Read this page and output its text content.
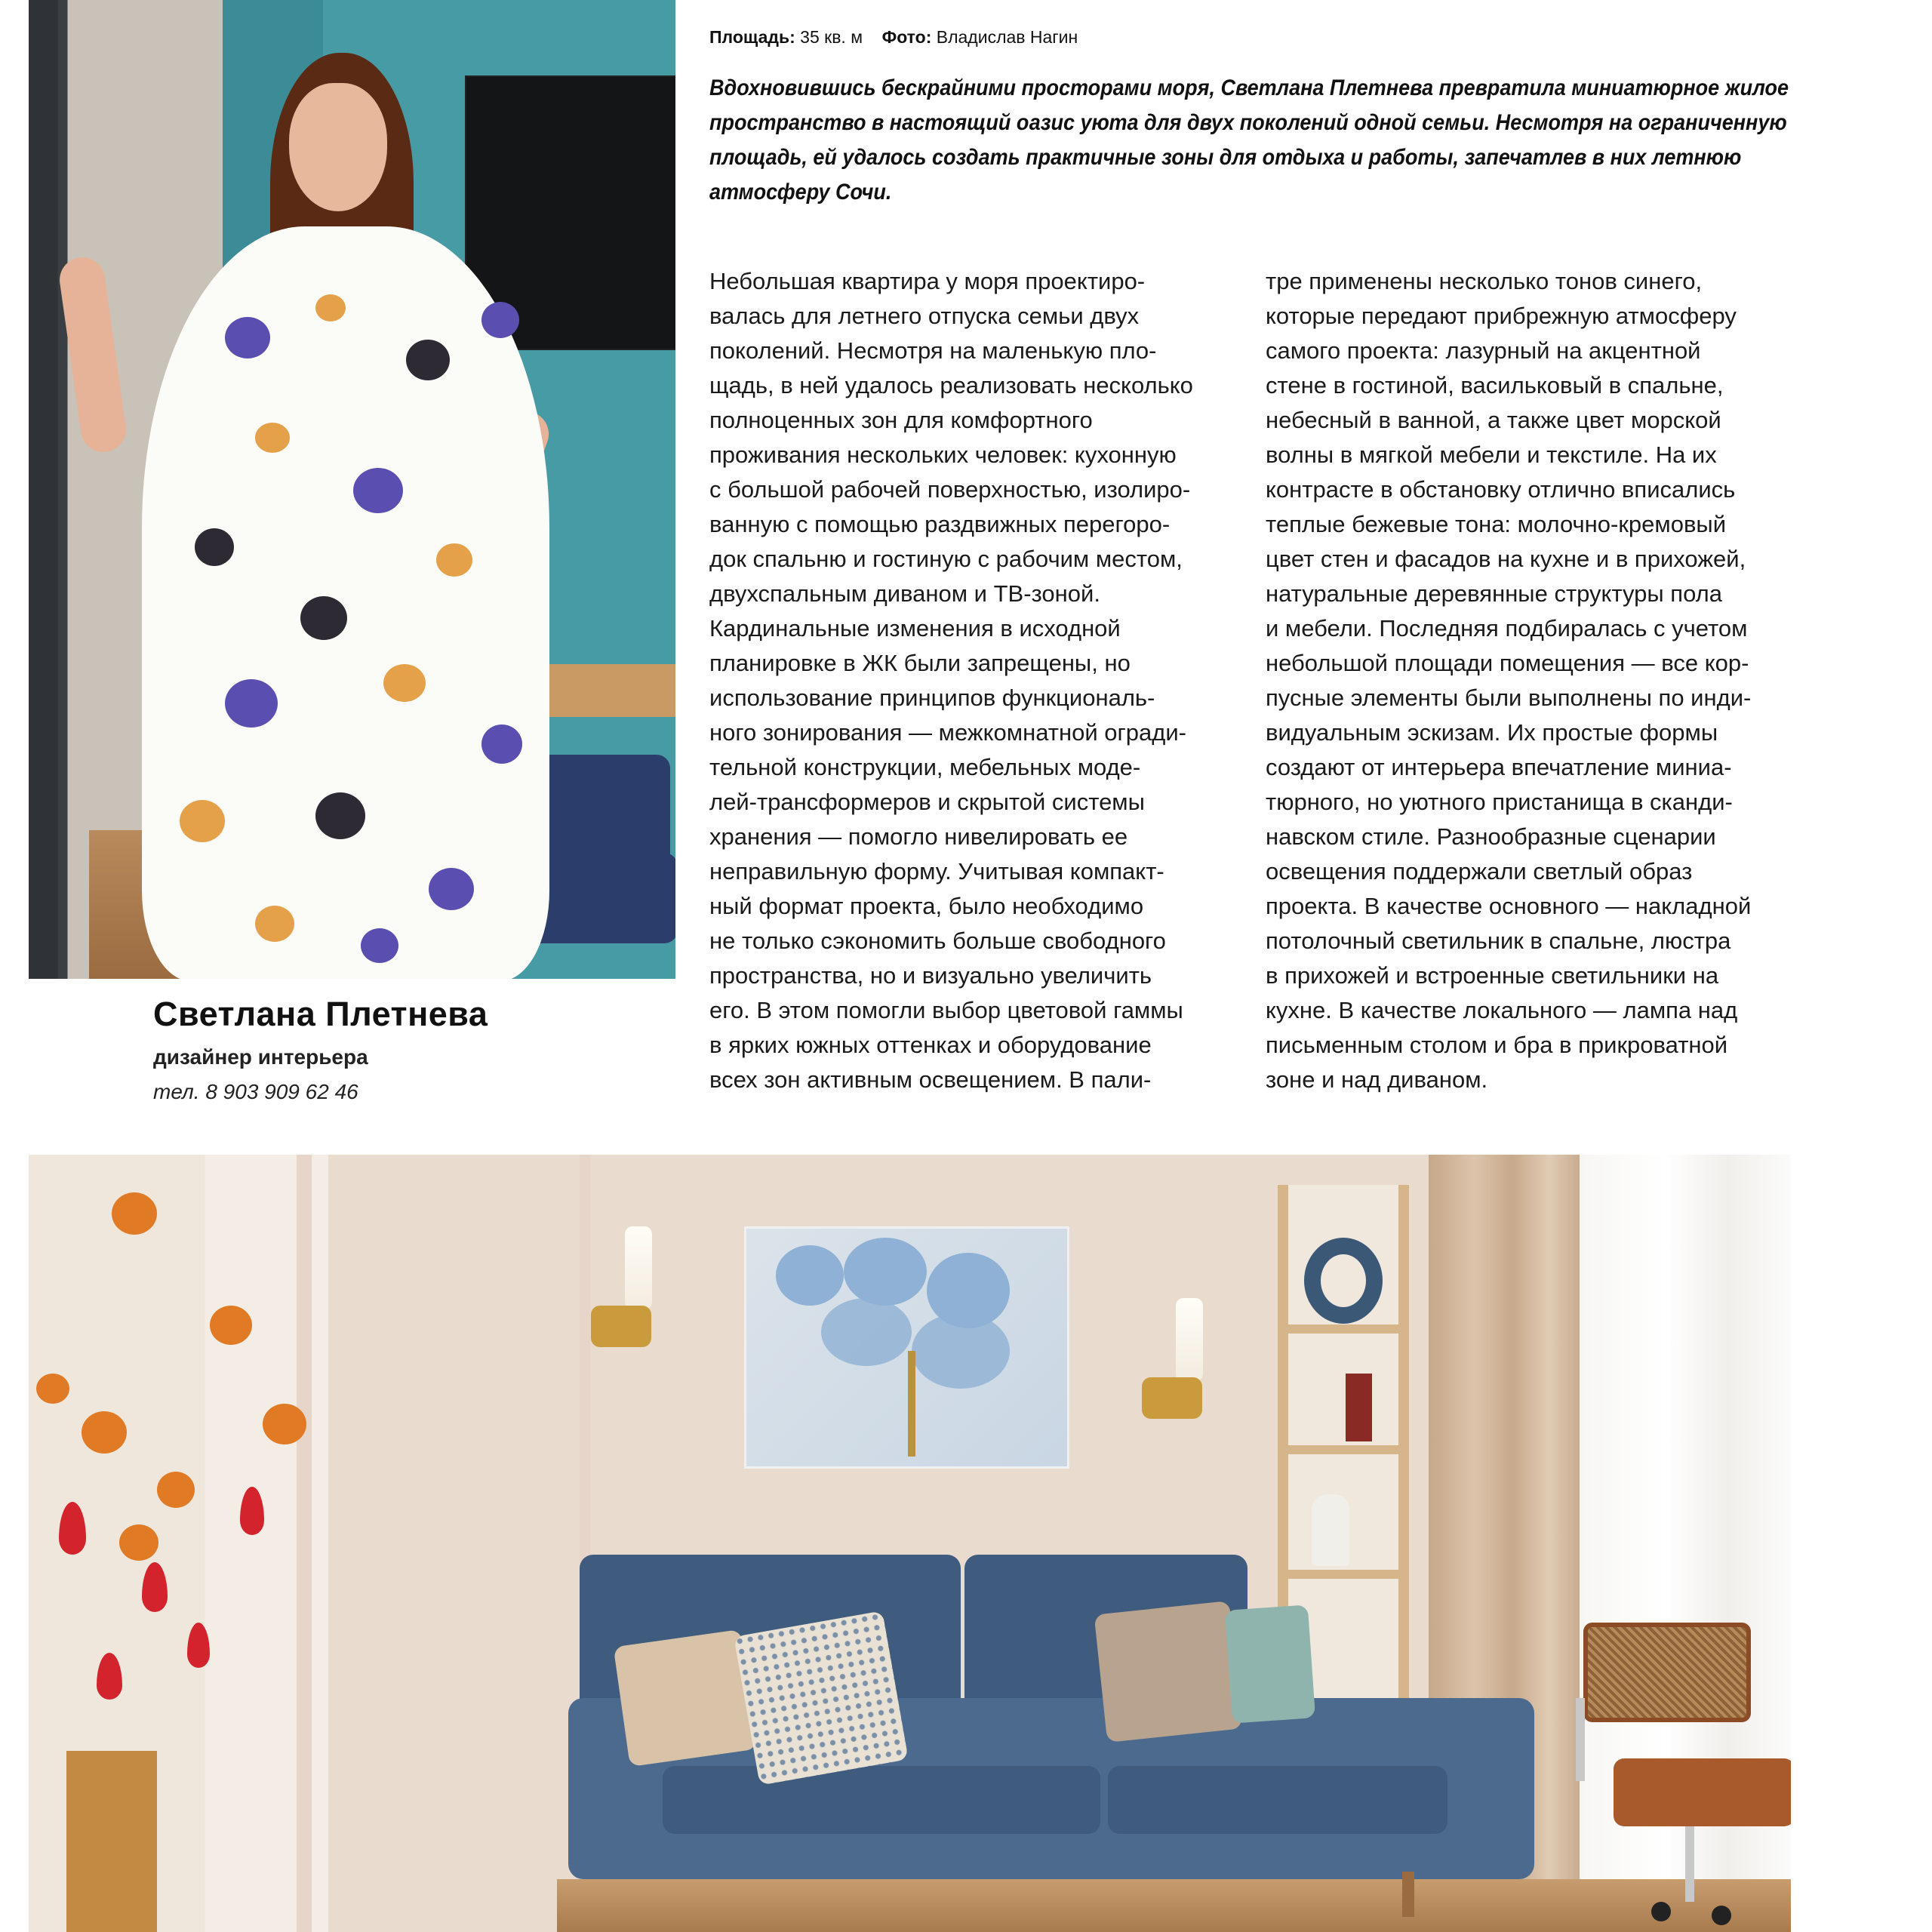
Светлана Плетнева
дизайнер интерьера
тел. 8 903 909 62 46
Площадь: 35 кв. м Фото: Владислав Нагин
Вдохновившись бескрайними просторами моря, Светлана Плетнева превратила миниатюрное жилое
пространство в настоящий оазис уюта для двух поколений одной семьи. Несмотря на ограниченную
площадь, ей удалось создать практичные зоны для отдыха и работы, запечатлев в них летнюю
атмосферу Сочи.
Небольшая квартира у моря проектиро-
валась для летнего отпуска семьи двух
поколений. Несмотря на маленькую пло-
щадь, в ней удалось реализовать несколько
полноценных зон для комфортного
проживания нескольких человек: кухонную
с большой рабочей поверхностью, изолиро-
ванную с помощью раздвижных перегоро-
док спальню и гостиную с рабочим местом,
двухспальным диваном и ТВ-зоной.
Кардинальные изменения в исходной
планировке в ЖК были запрещены, но
использование принципов функциональ-
ного зонирования — межкомнатной огради-
тельной конструкции, мебельных моде-
лей-трансформеров и скрытой системы
хранения — помогло нивелировать ее
неправильную форму. Учитывая компакт-
ный формат проекта, было необходимо
не только сэкономить больше свободного
пространства, но и визуально увеличить
его. В этом помогли выбор цветовой гаммы
в ярких южных оттенках и оборудование
всех зон активным освещением. В пали-
тре применены несколько тонов синего,
которые передают прибрежную атмосферу
самого проекта: лазурный на акцентной
стене в гостиной, васильковый в спальне,
небесный в ванной, а также цвет морской
волны в мягкой мебели и текстиле. На их
контрасте в обстановку отлично вписались
теплые бежевые тона: молочно-кремовый
цвет стен и фасадов на кухне и в прихожей,
натуральные деревянные структуры пола
и мебели. Последняя подбиралась с учетом
небольшой площади помещения — все кор-
пусные элементы были выполнены по инди-
видуальным эскизам. Их простые формы
создают от интерьера впечатление миниа-
тюрного, но уютного пристанища в сканди-
навском стиле. Разнообразные сценарии
освещения поддержали светлый образ
проекта. В качестве основного — накладной
потолочный светильник в спальне, люстра
в прихожей и встроенные светильники на
кухне. В качестве локального — лампа над
письменным столом и бра в прикроватной
зоне и над диваном.
